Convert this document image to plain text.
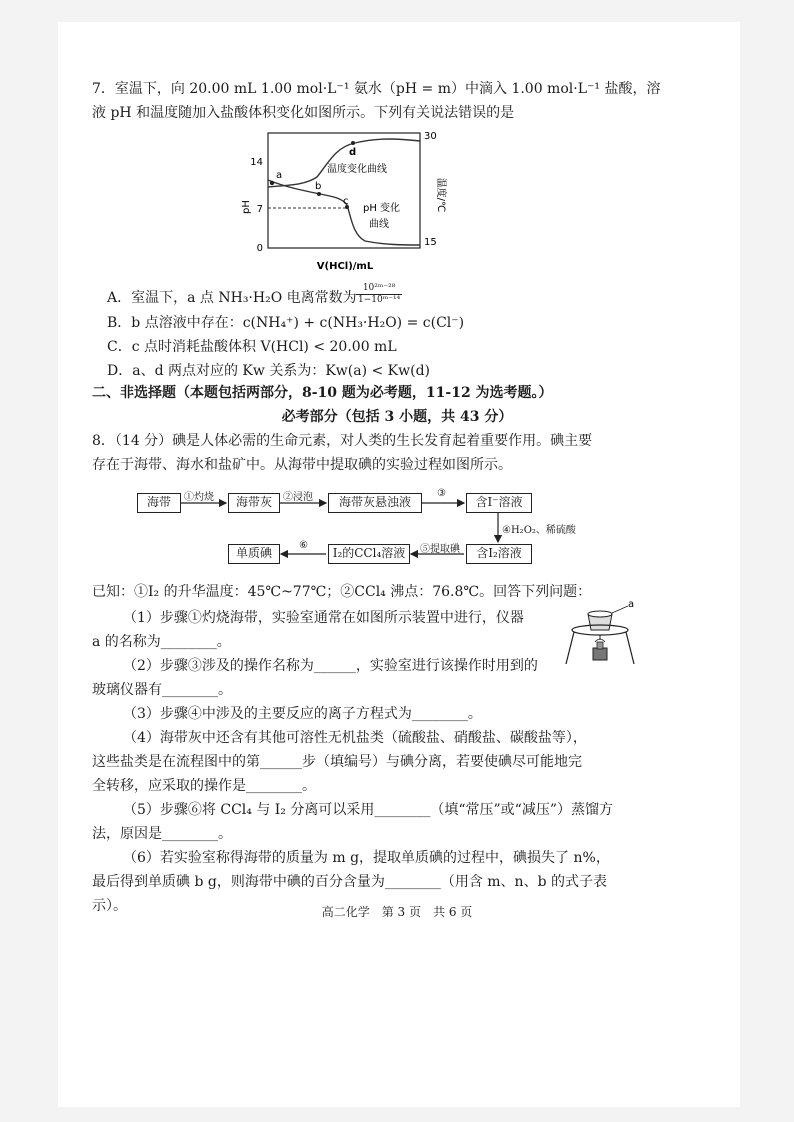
7．室温下，向 20.00 mL 1.00 mol·L⁻¹ 氨水（pH = m）中滴入 1.00 mol·L⁻¹ 盐酸，溶
液 pH 和温度随加入盐酸体积变化如图所示。下列有关说法错误的是
14
7
0
pH
30
15
温度/℃
V(HCl)/mL
a
b
c
d
温度变化曲线
pH 变化
曲线
A．室温下，a 点 NH₃·H₂O 电离常数为 $\frac{\text{10²ᵐ⁻²⁸}}{\text{1−10ᵐ⁻¹⁴}}$
B．b 点溶液中存在：c(NH₄⁺) + c(NH₃·H₂O) = c(Cl⁻)
C．c 点时消耗盐酸体积 V(HCl) < 20.00 mL
D．a、d 两点对应的 Kw 关系为：Kw(a) < Kw(d)
二、非选择题（本题包括两部分，8-10 题为必考题，11-12 为选考题。）
必考部分（包括 3 小题，共 43 分）
8．（14 分）碘是人体必需的生命元素，对人类的生长发育起着重要作用。碘主要
存在于海带、海水和盐矿中。从海带中提取碘的实验过程如图所示。
海带	海带灰	海带灰悬浊液	含I⁻溶液
含I₂溶液
I₂的CCl₄溶液
单质碘
①灼烧	②浸泡	③
④H₂O₂、稀硫酸
⑤提取碘
⑥
已知：①I₂ 的升华温度：45℃~77℃；②CCl₄ 沸点：76.8℃。回答下列问题：
a
（1）步骤①灼烧海带，实验室通常在如图所示装置中进行，仪器
a 的名称为________。
（2）步骤③涉及的操作名称为______，实验室进行该操作时用到的
玻璃仪器有________。
（3）步骤④中涉及的主要反应的离子方程式为________。
（4）海带灰中还含有其他可溶性无机盐类（硫酸盐、硝酸盐、碳酸盐等），
这些盐类是在流程图中的第______步（填编号）与碘分离，若要使碘尽可能地完
全转移，应采取的操作是________。
（5）步骤⑥将 CCl₄ 与 I₂ 分离可以采用________（填“常压”或“减压”）蒸馏方
法，原因是________。
（6）若实验室称得海带的质量为 m g，提取单质碘的过程中，碘损失了 n%，
最后得到单质碘 b g，则海带中碘的百分含量为________（用含 m、n、b 的式子表
示）。	高二化学　第 3 页　共 6 页
